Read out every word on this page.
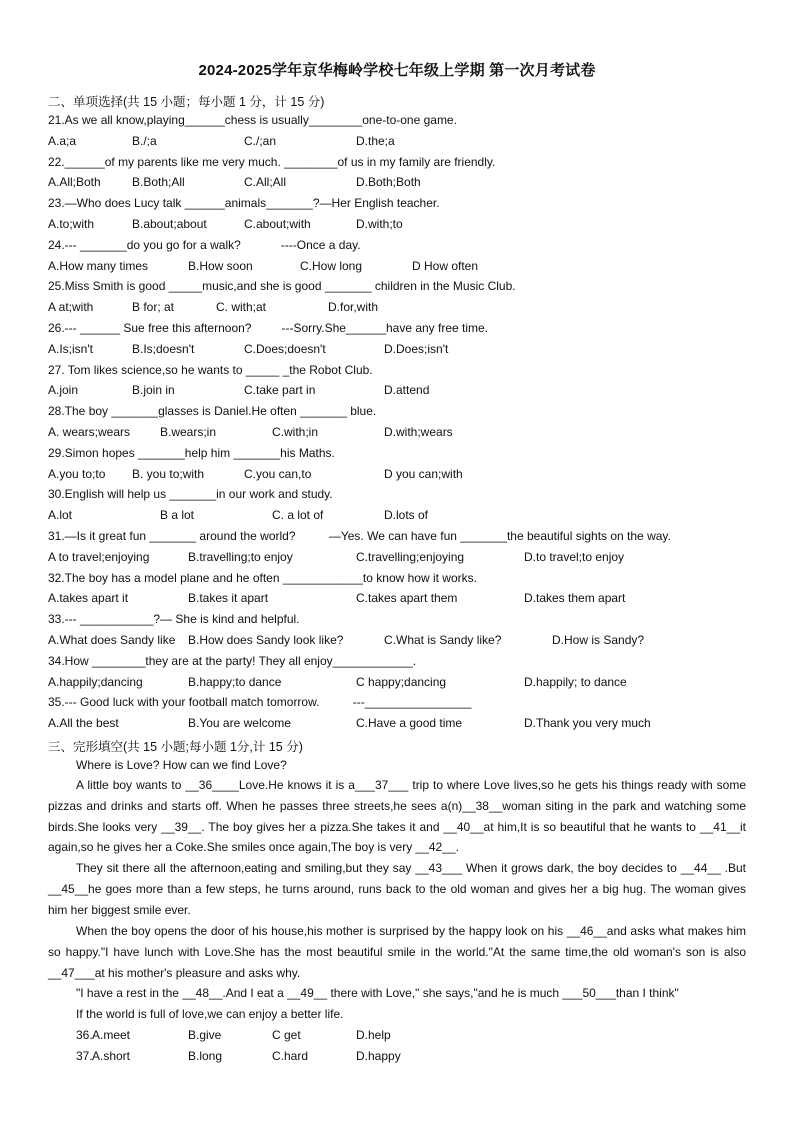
2024-2025学年京华梅岭学校七年级上学期 第一次月考试卷
二、单项选择(共 15 小题；每小题 1 分，计 15 分)
21.As we all know,playing______chess is usually________one-to-one game.
A.a;a	B./;a	C./;an	D.the;a
22.______of my parents like me very much. ________of us in my family are friendly.
A.All;Both	B.Both;All	C.All;All	D.Both;Both
23.—Who does Lucy talk ______animals_______?—Her English teacher.
A.to;with	B.about;about	C.about;with	D.with;to
24.--- _______do you go for a walk?            ----Once a day.
A.How many times	B.How soon	C.How long	D How often
25.Miss Smith is good _____music,and she is good _______ children in the Music Club.
A at;with	B for; at	C. with;at	D.for,with
26.--- ______ Sue free this afternoon?         ---Sorry.She______have any free time.
A.Is;isn't	B.Is;doesn't	C.Does;doesn't	D.Does;isn't
27. Tom likes science,so he wants to _____ _the Robot Club.
A.join	B.join in	C.take part in	D.attend
28.The boy _______glasses is Daniel.He often _______ blue.
A. wears;wears B.wears;in	C.with;in	D.with;wears
29.Simon hopes _______help him _______his Maths.
A.you to;to B. you to;with	C.you can,to	D you can;with
30.English will help us _______in our work and study.
A.lot	B a lot	C. a lot of	D.lots of
31.—Is it great fun _______ around the world?          —Yes. We can have fun _______the beautiful sights on the way.
A to travel;enjoying	B.travelling;to enjoy	C.travelling;enjoying	D.to travel;to enjoy
32.The boy has a model plane and he often ____________to know how it works.
A.takes apart it	B.takes it apart	C.takes apart them	D.takes them apart
33.--- ___________?— She is kind and helpful.
A.What does Sandy like B.How does Sandy look like?	C.What is Sandy like?	D.How is Sandy?
34.How ________they are at the party! They all enjoy____________.
A.happily;dancing	B.happy;to dance	C happy;dancing	D.happily; to dance
35.--- Good luck with your football match tomorrow.          ---________________
A.All the best	B.You are welcome	C.Have a good time	D.Thank you very much
三、完形填空(共 15 小题;每小题 1分,计 15 分)
Where is Love? How can we find Love?

A little boy wants to __36____Love.He knows it is a___37___ trip to where Love lives,so he gets his things ready with some pizzas and drinks and starts off. When he passes three streets,he sees a(n)__38__woman siting in the park and watching some birds.She looks very __39__. The boy gives her a pizza.She takes it and __40__at him,It is so beautiful that he wants to __41__it again,so he gives her a Coke.She smiles once again,The boy is very __42__.

They sit there all the afternoon,eating and smiling,but they say __43___ When it grows dark, the boy decides to __44__ .But __45__he goes more than a few steps, he turns around, runs back to the old woman and gives her a big hug. The woman gives him her biggest smile ever.

When the boy opens the door of his house,his mother is surprised by the happy look on his __46__and asks what makes him so happy."I have lunch with Love.She has the most beautiful smile in the world."At the same time,the old woman's son is also __47___at his mother's pleasure and asks why.

"I have a rest in the __48__.And I eat a __49__ there with Love," she says,"and he is much ___50___than I think"
If the world is full of love,we can enjoy a better life.
36. A.meet	B.give	C get	D.help
37. A.short	B.long	C.hard	D.happy
